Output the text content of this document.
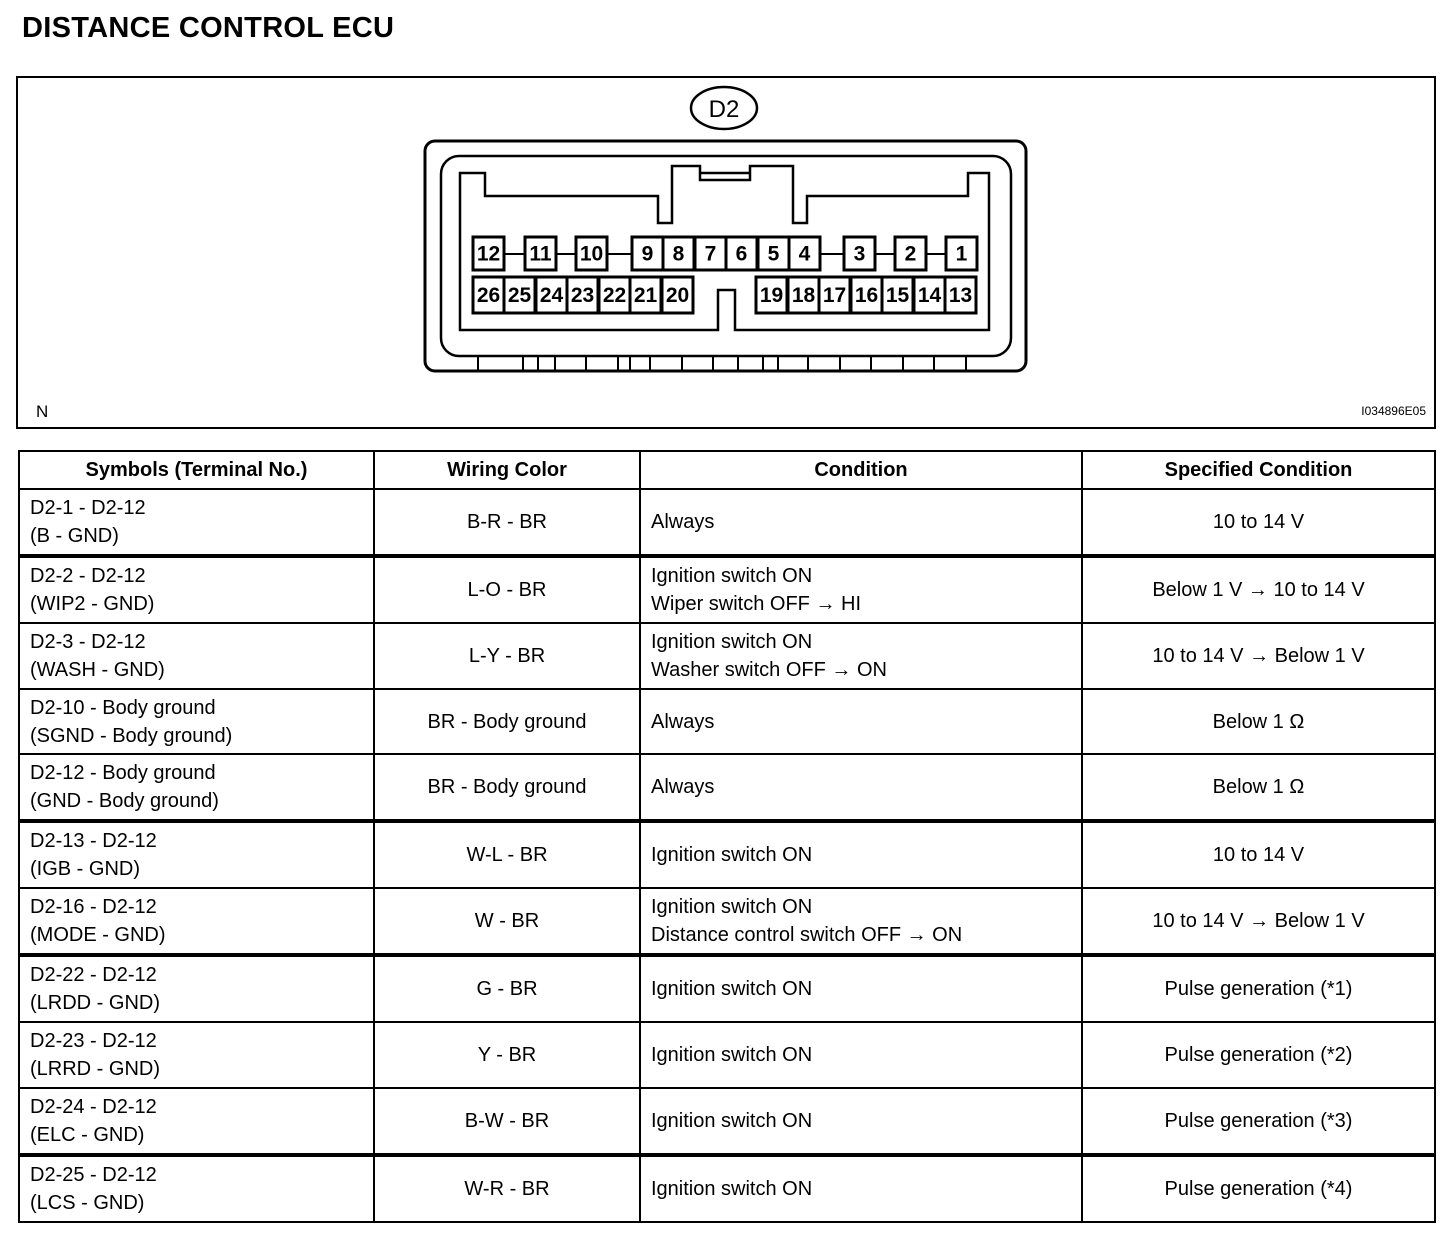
DISTANCE CONTROL ECU
D2
12 11 10 9 8 7 6 5 4 3 2 1
26 25 24 23 22 21 20	19 18 17 16 15 14 13
N	I034896E05
Symbols (Terminal No.)	Wiring Color	Condition	Specified Condition

D2-1 - D2-12
(B - GND)	B-R - BR	Always	10 to 14 V

D2-2 - D2-12
(WIP2 - GND)	L-O - BR	Ignition switch ON
Wiper switch OFF → HI	Below 1 V → 10 to 14 V

D2-3 - D2-12
(WASH - GND)	L-Y - BR	Ignition switch ON
Washer switch OFF → ON	10 to 14 V → Below 1 V

D2-10 - Body ground
(SGND - Body ground)	BR - Body ground	Always	Below 1 Ω

D2-12 - Body ground
(GND - Body ground)	BR - Body ground	Always	Below 1 Ω

D2-13 - D2-12
(IGB - GND)	W-L - BR	Ignition switch ON	10 to 14 V

D2-16 - D2-12
(MODE - GND)	W - BR	Ignition switch ON
Distance control switch OFF → ON	10 to 14 V → Below 1 V

D2-22 - D2-12
(LRDD - GND)	G - BR	Ignition switch ON	Pulse generation (*1)

D2-23 - D2-12
(LRRD - GND)	Y - BR	Ignition switch ON	Pulse generation (*2)

D2-24 - D2-12
(ELC - GND)	B-W - BR	Ignition switch ON	Pulse generation (*3)

D2-25 - D2-12
(LCS - GND)	W-R - BR	Ignition switch ON	Pulse generation (*4)
